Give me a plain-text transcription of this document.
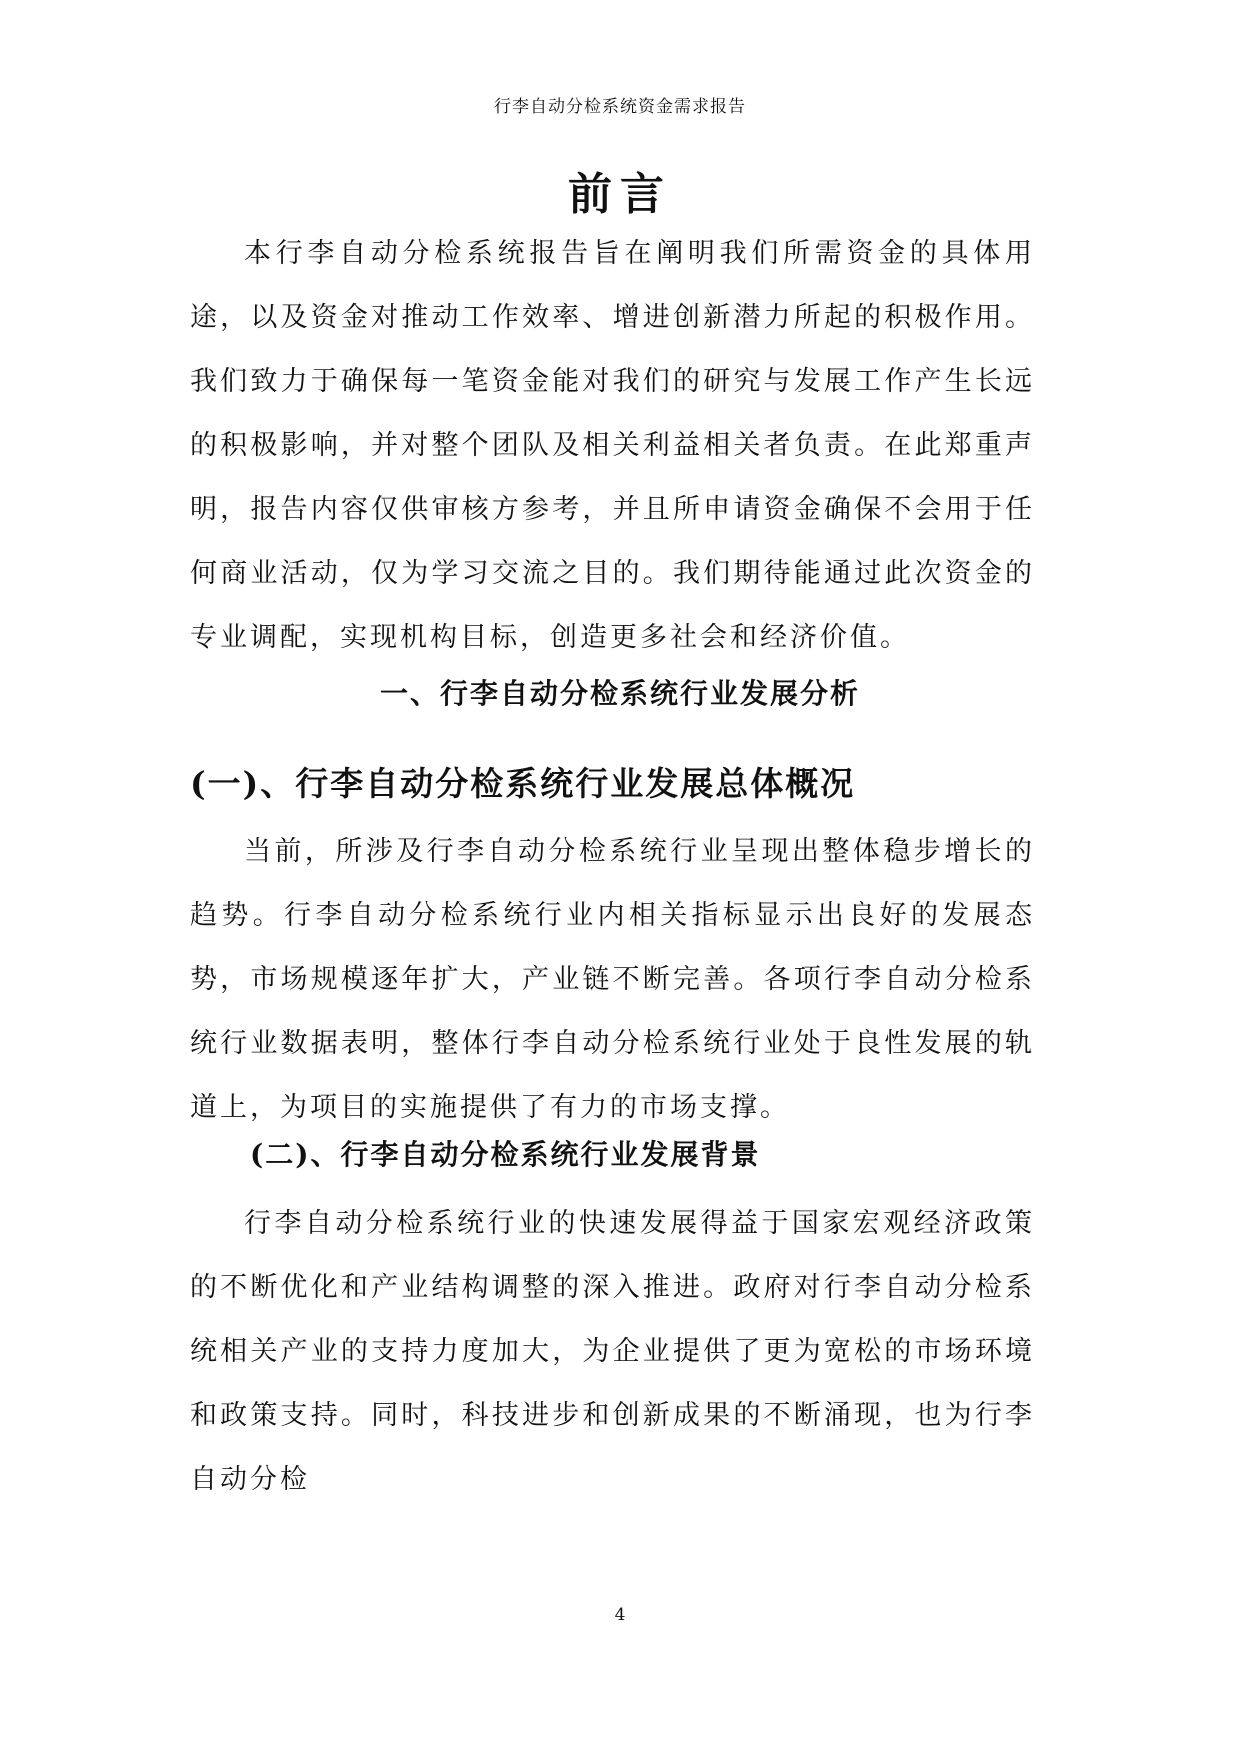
行李自动分检系统资金需求报告
前言

本行李自动分检系统报告旨在阐明我们所需资金的具体用途，以及资金对推动工作效率、增进创新潜力所起的积极作用。我们致力于确保每一笔资金能对我们的研究与发展工作产生长远的积极影响，并对整个团队及相关利益相关者负责。在此郑重声明，报告内容仅供审核方参考，并且所申请资金确保不会用于任何商业活动，仅为学习交流之目的。我们期待能通过此次资金的专业调配，实现机构目标，创造更多社会和经济价值。

一、行李自动分检系统行业发展分析
(一)、行李自动分检系统行业发展总体概况

当前，所涉及行李自动分检系统行业呈现出整体稳步增长的趋势。行李自动分检系统行业内相关指标显示出良好的发展态势，市场规模逐年扩大，产业链不断完善。各项行李自动分检系统行业数据表明，整体行李自动分检系统行业处于良性发展的轨道上，为项目的实施提供了有力的市场支撑。

(二)、行李自动分检系统行业发展背景

行李自动分检系统行业的快速发展得益于国家宏观经济政策的不断优化和产业结构调整的深入推进。政府对行李自动分检系统相关产业的支持力度加大，为企业提供了更为宽松的市场环境和政策支持。同时，科技进步和创新成果的不断涌现，也为行李自动分检

4
